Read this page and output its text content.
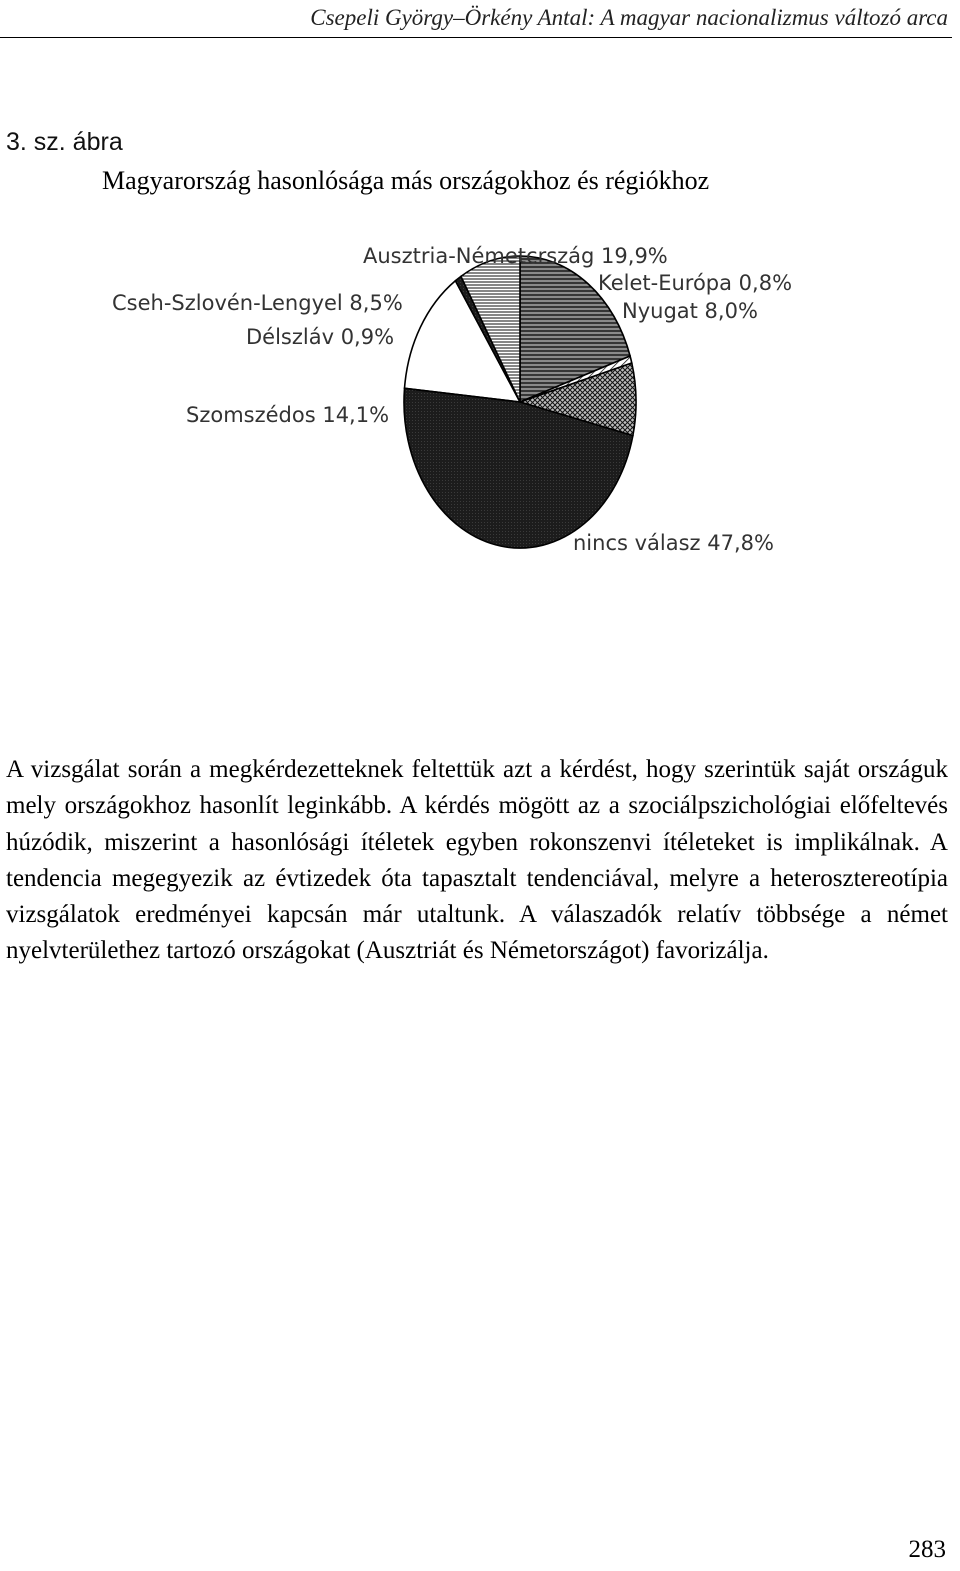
Csepeli György–Örkény Antal: A magyar nacionalizmus változó arca
3. sz. ábra
Magyarország hasonlósága más országokhoz és régiókhoz
Ausztria-Németcrszág 19,9%
Kelet-Európa 0,8%
Nyugat 8,0%
nincs válasz 47,8%
Szomszédos 14,1%
Délszláv 0,9%
Cseh-Szlovén-Lengyel 8,5%

A vizsgálat során a megkérdezetteknek feltettük azt a kérdést, hogy szerintük saját országuk mely országokhoz hasonlít leginkább. A kérdés mögött az a szociálpszichológiai előfeltevés húzódik, miszerint a hasonlósági ítéletek egyben rokonszenvi ítéleteket is implikálnak. A tendencia megegyezik az évtizedek óta tapasztalt tendenciával, melyre a heterosztereotípia vizsgálatok eredményei kapcsán már utaltunk. A válaszadók relatív többsége a német nyelvterülethez tartozó országokat (Ausztriát és Németországot) favorizálja.

283
